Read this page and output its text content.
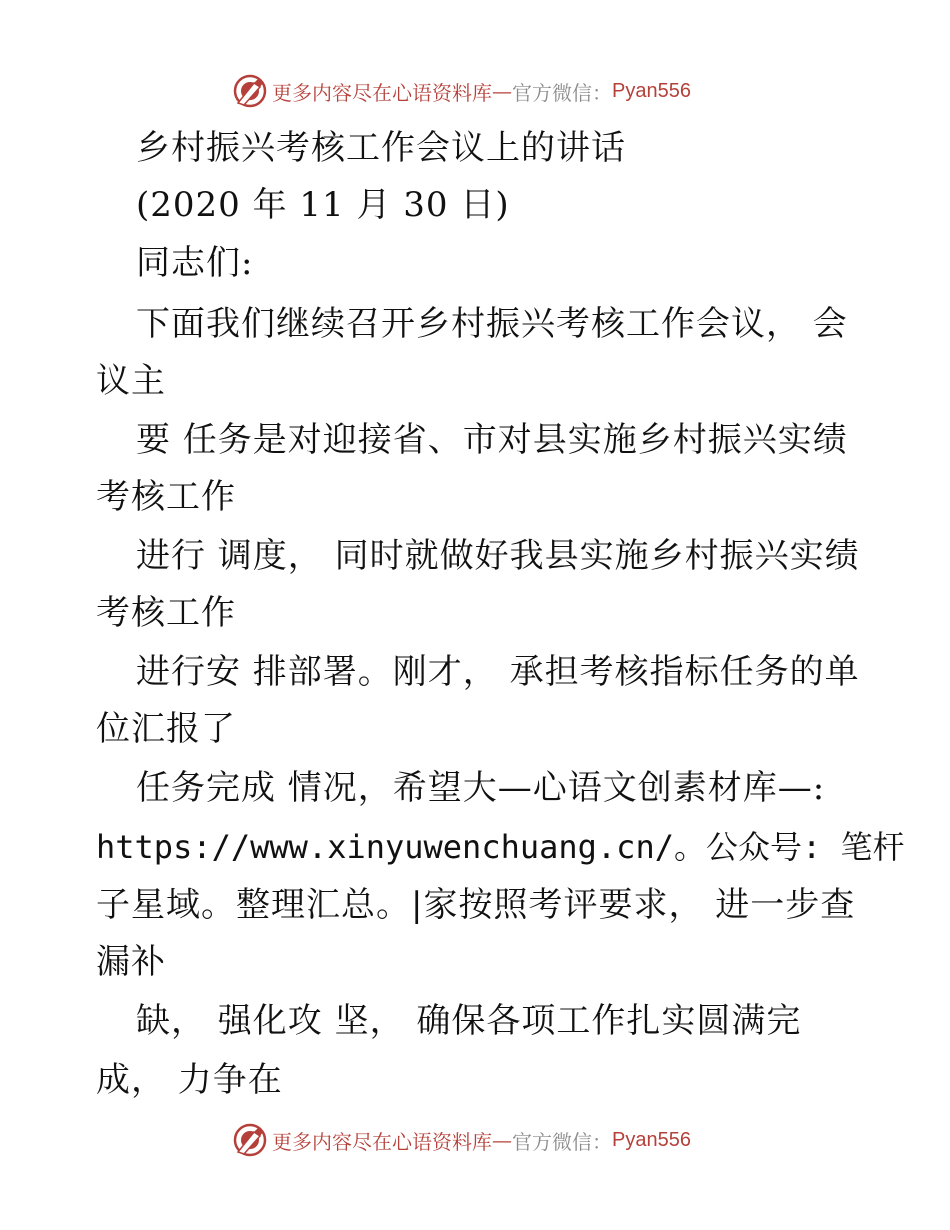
更多内容尽在心语资料库 — 官方微信： Pyan556
乡村振兴考核工作会议上的讲话
(2020 年 11 月 30 日)
同志们:
下面我们继续召开乡村振兴考核工作会议， 会
议主
要 任务是对迎接省、市对县实施乡村振兴实绩
考核工作
进行 调度， 同时就做好我县实施乡村振兴实绩
考核工作
进行安 排部署。刚才， 承担考核指标任务的单
位汇报了
任务完成 情况，希望大—心语文创素材库—:
https://www.xinyuwenchuang.cn/。公众号: 笔杆
子星域。整理汇总。|家按照考评要求， 进一步查
漏补
缺， 强化攻 坚， 确保各项工作扎实圆满完
成， 力争在
更多内容尽在心语资料库 — 官方微信： Pyan556
